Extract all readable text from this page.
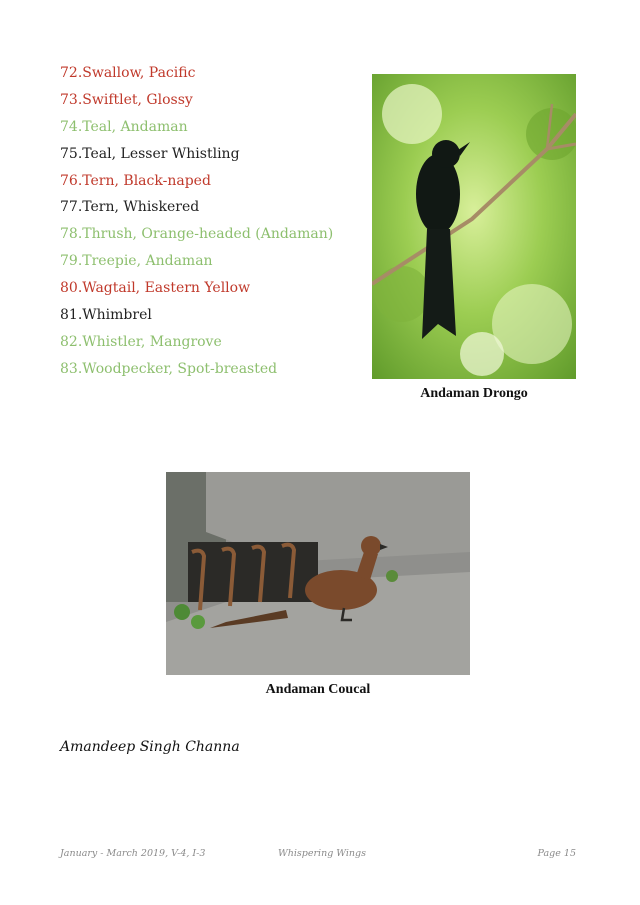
72.Swallow, Pacific
73.Swiftlet, Glossy
74.Teal, Andaman
75.Teal, Lesser Whistling
76.Tern, Black-naped
77.Tern, Whiskered
78.Thrush, Orange-headed (Andaman)
79.Treepie, Andaman
80.Wagtail, Eastern Yellow
81.Whimbrel
82.Whistler, Mangrove
83.Woodpecker, Spot-breasted
Andaman Drongo
Andaman Coucal
Amandeep Singh Channa
January - March 2019, V-4, I-3	Whispering Wings	Page 15
